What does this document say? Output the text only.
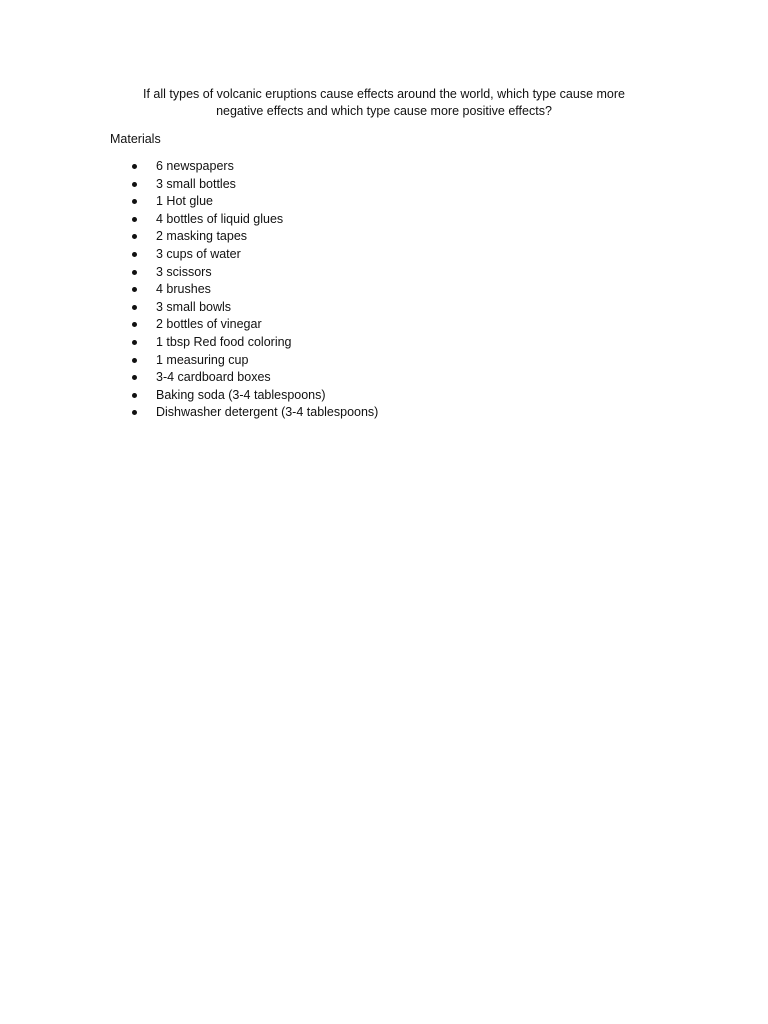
If all types of volcanic eruptions cause effects around the world, which type cause more
negative effects and which type cause more positive effects?

Materials

6 newspapers
3 small bottles
1 Hot glue
4 bottles of liquid glues
2 masking tapes
3 cups of water
3 scissors
4 brushes
3 small bowls
2 bottles of vinegar
1 tbsp Red food coloring
1 measuring cup
3-4 cardboard boxes
Baking soda (3-4 tablespoons)
Dishwasher detergent (3-4 tablespoons)
